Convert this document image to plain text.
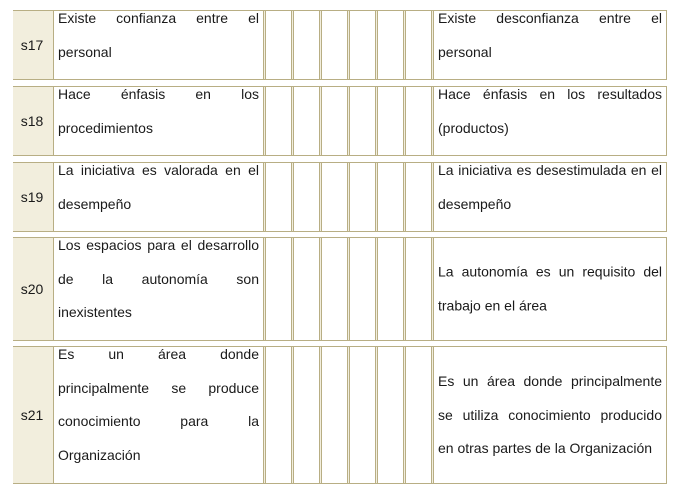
s17
Existe confianza entre el personal
Existe desconfianza entre el personal
s18
Hace énfasis en los procedimientos
Hace énfasis en los resultados (productos)
s19
La iniciativa es valorada en el desempeño
La iniciativa es desestimulada en el desempeño
s20
Los espacios para el desarrollo de la autonomía son inexistentes
La autonomía es un requisito del trabajo en el área
s21
Es un área donde principalmente se produce conocimiento para la Organización
Es un área donde principalmente se utiliza conocimiento producido en otras partes de la Organización
